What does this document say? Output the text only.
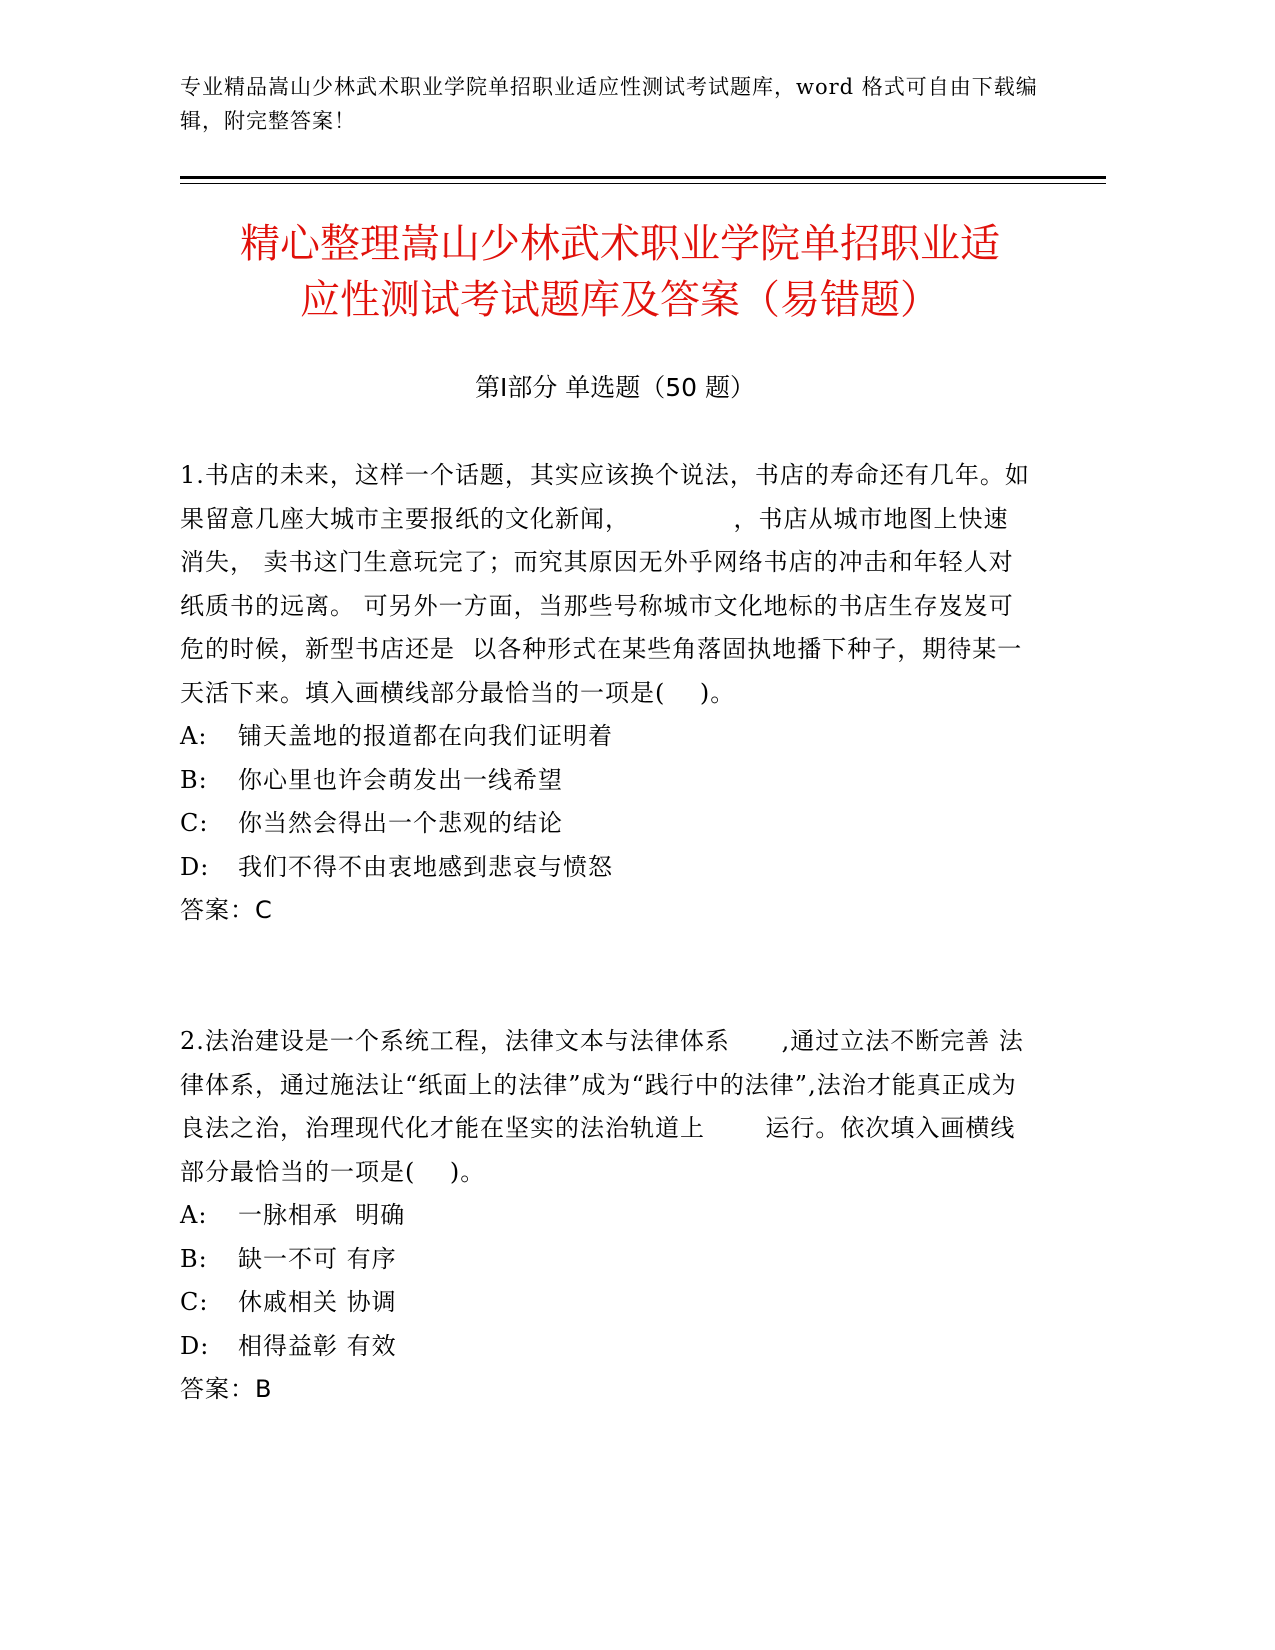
专业精品嵩山少林武术职业学院单招职业适应性测试考试题库，word 格式可自由下载编辑，附完整答案！
精心整理嵩山少林武术职业学院单招职业适
应性测试考试题库及答案（易错题）
第Ⅰ部分 单选题（50 题）

1.书店的未来，这样一个话题，其实应该换个说法，书店的寿命还有几年。如  果留意几座大城市主要报纸的文化新闻，            ，书店从城市地图上快速消失， 卖书这门生意玩完了；而究其原因无外乎网络书店的冲击和年轻人对纸质书的远离。 可另外一方面，当那些号称城市文化地标的书店生存岌岌可危的时候，新型书店还是  以各种形式在某些角落固执地播下种子，期待某一天活下来。填入画横线部分最恰当的一项是(    )。

A: 铺天盖地的报道都在向我们证明着

B: 你心里也许会萌发出一线希望

C: 你当然会得出一个悲观的结论

D: 我们不得不由衷地感到悲哀与愤怒

答案：C

2.法治建设是一个系统工程，法律文本与法律体系      ,通过立法不断完善 法律体系，通过施法让“纸面上的法律”成为“践行中的法律”,法治才能真正成为良法之治，治理现代化才能在坚实的法治轨道上       运行。依次填入画横线部分最恰当的一项是(    )。

A: 一脉相承  明确

B: 缺一不可 有序

C: 休戚相关 协调

D: 相得益彰 有效

答案：B
